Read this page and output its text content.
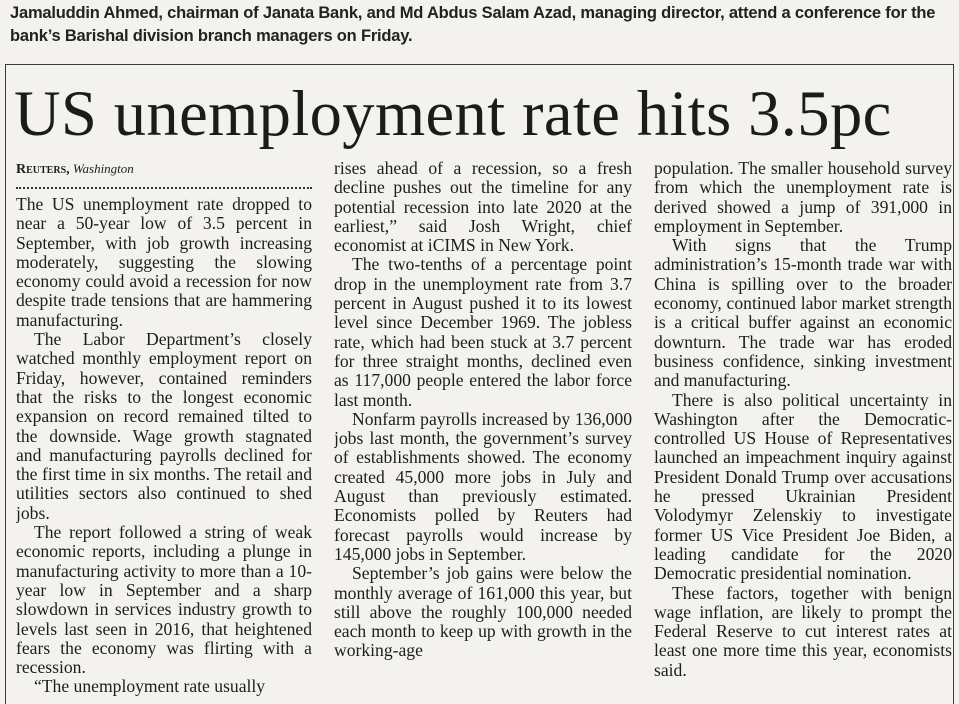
Jamaluddin Ahmed, chairman of Janata Bank, and Md Abdus Salam Azad, managing director, attend a conference for the bank’s Barishal division branch managers on Friday.
US unemployment rate hits 3.5pc
Reuters, Washington

The US unemployment rate dropped to near a 50-year low of 3.5 percent in September, with job growth increasing moderately, suggesting the slowing economy could avoid a recession for now despite trade tensions that are hammering manufacturing.

The Labor Department’s closely watched monthly employment report on Friday, however, contained reminders that the risks to the longest economic expansion on record remained tilted to the downside. Wage growth stagnated and manufacturing payrolls declined for the first time in six months. The retail and utilities sectors also continued to shed jobs.

The report followed a string of weak economic reports, including a plunge in manufacturing activity to more than a 10-year low in September and a sharp slowdown in services industry growth to levels last seen in 2016, that heightened fears the economy was flirting with a recession.

“The unemployment rate usually

rises ahead of a recession, so a fresh decline pushes out the timeline for any potential recession into late 2020 at the earliest,” said Josh Wright, chief economist at iCIMS in New York.

The two-tenths of a percentage point drop in the unemployment rate from 3.7 percent in August pushed it to its lowest level since December 1969. The jobless rate, which had been stuck at 3.7 percent for three straight months, declined even as 117,000 people entered the labor force last month.

Nonfarm payrolls increased by 136,000 jobs last month, the government’s survey of establishments showed. The economy created 45,000 more jobs in July and August than previously estimated. Economists polled by Reuters had forecast payrolls would increase by 145,000 jobs in September.

September’s job gains were below the monthly average of 161,000 this year, but still above the roughly 100,000 needed each month to keep up with growth in the working-age

population. The smaller household survey from which the unemployment rate is derived showed a jump of 391,000 in employment in September.

With signs that the Trump administration’s 15-month trade war with China is spilling over to the broader economy, continued labor market strength is a critical buffer against an economic downturn. The trade war has eroded business confidence, sinking investment and manufacturing.

There is also political uncertainty in Washington after the Democratic-controlled US House of Representatives launched an impeachment inquiry against President Donald Trump over accusations he pressed Ukrainian President Volodymyr Zelenskiy to investigate former US Vice President Joe Biden, a leading candidate for the 2020 Democratic presidential nomination.

These factors, together with benign wage inflation, are likely to prompt the Federal Reserve to cut interest rates at least one more time this year, economists said.
